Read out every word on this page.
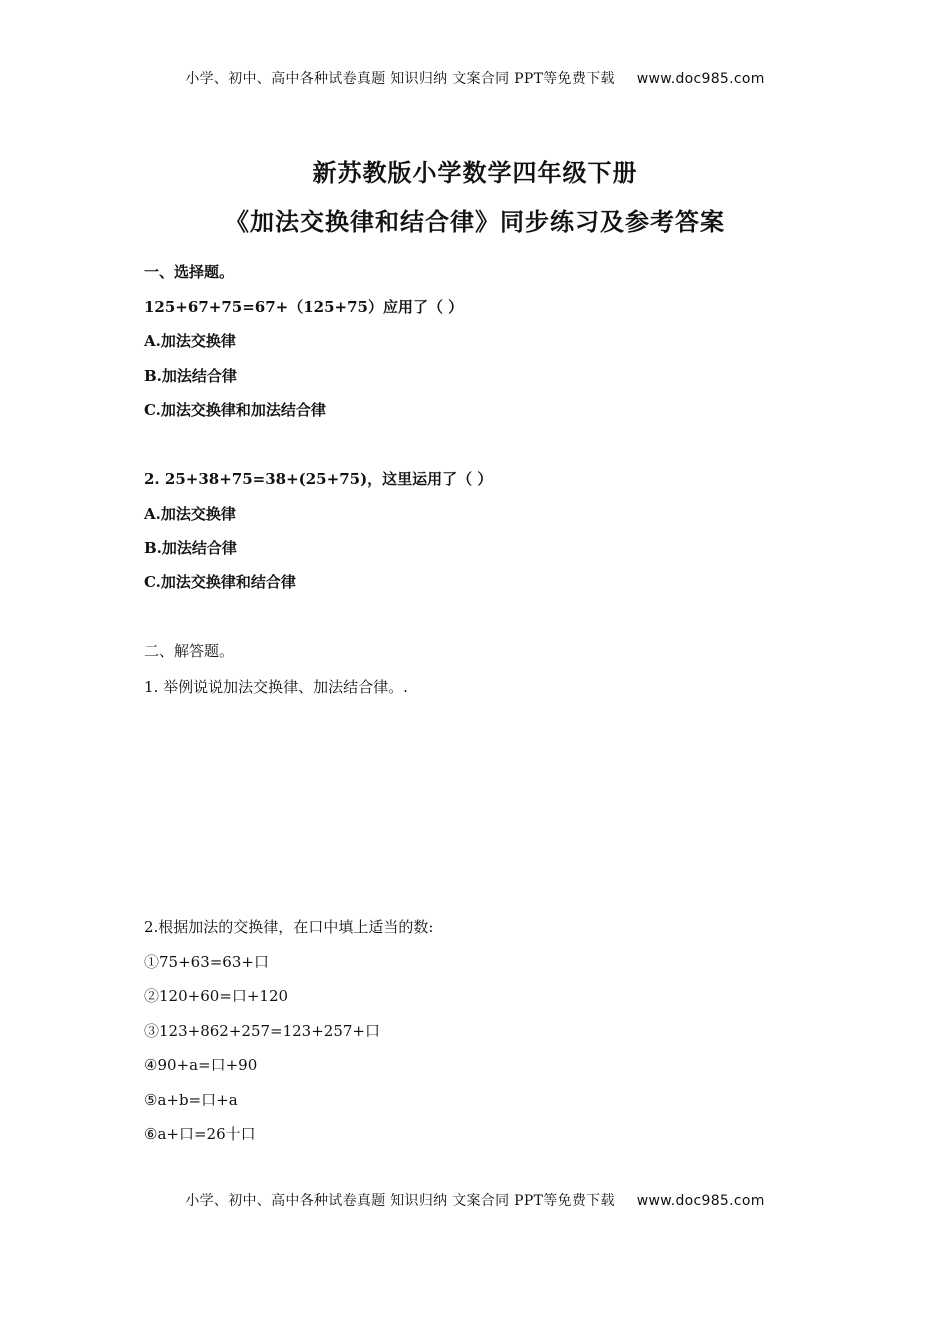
小学、初中、高中各种试卷真题 知识归纳 文案合同 PPT等免费下载 www.doc985.com
新苏教版小学数学四年级下册
《加法交换律和结合律》同步练习及参考答案
一、选择题。
125+67+75=67+（125+75）应用了（ ）
A.加法交换律
B.加法结合律
C.加法交换律和加法结合律
2. 25+38+75=38+(25+75)，这里运用了（ ）
A.加法交换律
B.加法结合律
C.加法交换律和结合律
二、解答题。
1. 举例说说加法交换律、加法结合律。.
2.根据加法的交换律，在口中填上适当的数:
①75+63=63+口
②120+60=口+120
③123+862+257=123+257+口
④90+a=口+90
⑤a+b=口+a
⑥a+口=26十口
小学、初中、高中各种试卷真题 知识归纳 文案合同 PPT等免费下载 www.doc985.com
